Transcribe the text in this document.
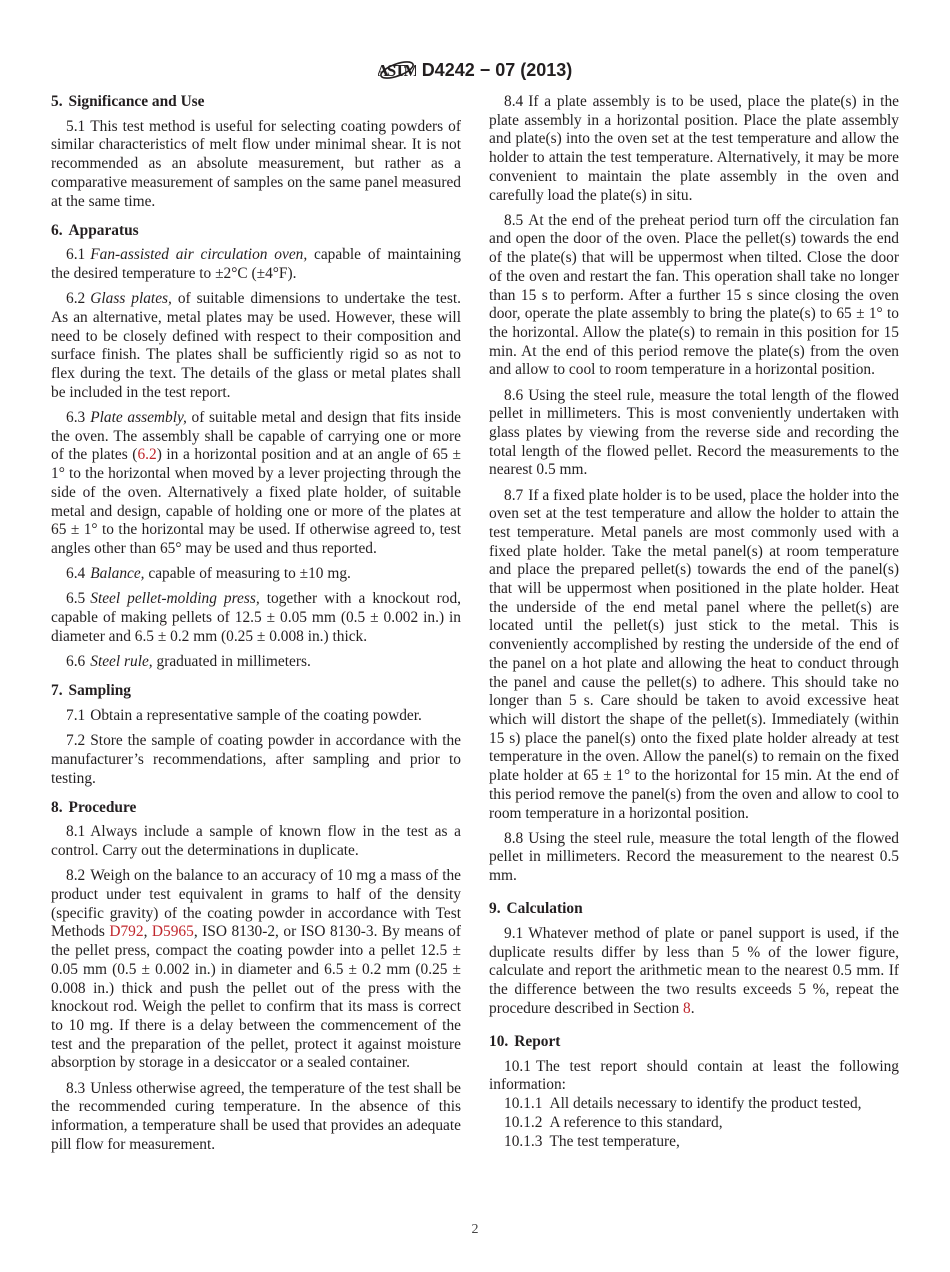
ASTM D4242 − 07 (2013)
5. Significance and Use

5.1 This test method is useful for selecting coating powders of similar characteristics of melt flow under minimal shear. It is not recommended as an absolute measurement, but rather as a comparative measurement of samples on the same panel measured at the same time.

6. Apparatus

6.1 Fan-assisted air circulation oven, capable of maintaining the desired temperature to ±2°C (±4°F).

6.2 Glass plates, of suitable dimensions to undertake the test. As an alternative, metal plates may be used. However, these will need to be closely defined with respect to their composition and surface finish. The plates shall be sufficiently rigid so as not to flex during the text. The details of the glass or metal plates shall be included in the test report.

6.3 Plate assembly, of suitable metal and design that fits inside the oven. The assembly shall be capable of carrying one or more of the plates (6.2) in a horizontal position and at an angle of 65 ± 1° to the horizontal when moved by a lever projecting through the side of the oven. Alternatively a fixed plate holder, of suitable metal and design, capable of holding one or more of the plates at 65 ± 1° to the horizontal may be used. If otherwise agreed to, test angles other than 65° may be used and thus reported.

6.4 Balance, capable of measuring to ±10 mg.

6.5 Steel pellet-molding press, together with a knockout rod, capable of making pellets of 12.5 ± 0.05 mm (0.5 ± 0.002 in.) in diameter and 6.5 ± 0.2 mm (0.25 ± 0.008 in.) thick.

6.6 Steel rule, graduated in millimeters.

7. Sampling

7.1 Obtain a representative sample of the coating powder.

7.2 Store the sample of coating powder in accordance with the manufacturer’s recommendations, after sampling and prior to testing.

8. Procedure

8.1 Always include a sample of known flow in the test as a control. Carry out the determinations in duplicate.

8.2 Weigh on the balance to an accuracy of 10 mg a mass of the product under test equivalent in grams to half of the density (specific gravity) of the coating powder in accordance with Test Methods D792, D5965, ISO 8130-2, or ISO 8130-3. By means of the pellet press, compact the coating powder into a pellet 12.5 ± 0.05 mm (0.5 ± 0.002 in.) in diameter and 6.5 ± 0.2 mm (0.25 ± 0.008 in.) thick and push the pellet out of the press with the knockout rod. Weigh the pellet to confirm that its mass is correct to 10 mg. If there is a delay between the commencement of the test and the preparation of the pellet, protect it against moisture absorption by storage in a desiccator or a sealed container.

8.3 Unless otherwise agreed, the temperature of the test shall be the recommended curing temperature. In the absence of this information, a temperature shall be used that provides an adequate pill flow for measurement.

8.4 If a plate assembly is to be used, place the plate(s) in the plate assembly in a horizontal position. Place the plate assembly and plate(s) into the oven set at the test temperature and allow the holder to attain the test temperature. Alternatively, it may be more convenient to maintain the plate assembly in the oven and carefully load the plate(s) in situ.

8.5 At the end of the preheat period turn off the circulation fan and open the door of the oven. Place the pellet(s) towards the end of the plate(s) that will be uppermost when tilted. Close the door of the oven and restart the fan. This operation shall take no longer than 15 s to perform. After a further 15 s since closing the oven door, operate the plate assembly to bring the plate(s) to 65 ± 1° to the horizontal. Allow the plate(s) to remain in this position for 15 min. At the end of this period remove the plate(s) from the oven and allow to cool to room temperature in a horizontal position.

8.6 Using the steel rule, measure the total length of the flowed pellet in millimeters. This is most conveniently undertaken with glass plates by viewing from the reverse side and recording the total length of the flowed pellet. Record the measurements to the nearest 0.5 mm.

8.7 If a fixed plate holder is to be used, place the holder into the oven set at the test temperature and allow the holder to attain the test temperature. Metal panels are most commonly used with a fixed plate holder. Take the metal panel(s) at room temperature and place the prepared pellet(s) towards the end of the panel(s) that will be uppermost when positioned in the plate holder. Heat the underside of the end metal panel where the pellet(s) are located until the pellet(s) just stick to the metal. This is conveniently accomplished by resting the underside of the end of the panel on a hot plate and allowing the heat to conduct through the panel and cause the pellet(s) to adhere. This should take no longer than 5 s. Care should be taken to avoid excessive heat which will distort the shape of the pellet(s). Immediately (within 15 s) place the panel(s) onto the fixed plate holder already at test temperature in the oven. Allow the panel(s) to remain on the fixed plate holder at 65 ± 1° to the horizontal for 15 min. At the end of this period remove the panel(s) from the oven and allow to cool to room temperature in a horizontal position.

8.8 Using the steel rule, measure the total length of the flowed pellet in millimeters. Record the measurement to the nearest 0.5 mm.

9. Calculation

9.1 Whatever method of plate or panel support is used, if the duplicate results differ by less than 5 % of the lower figure, calculate and report the arithmetic mean to the nearest 0.5 mm. If the difference between the two results exceeds 5 %, repeat the procedure described in Section 8.

10. Report

10.1 The test report should contain at least the following information:

10.1.1 All details necessary to identify the product tested,

10.1.2 A reference to this standard,

10.1.3 The test temperature,

2
